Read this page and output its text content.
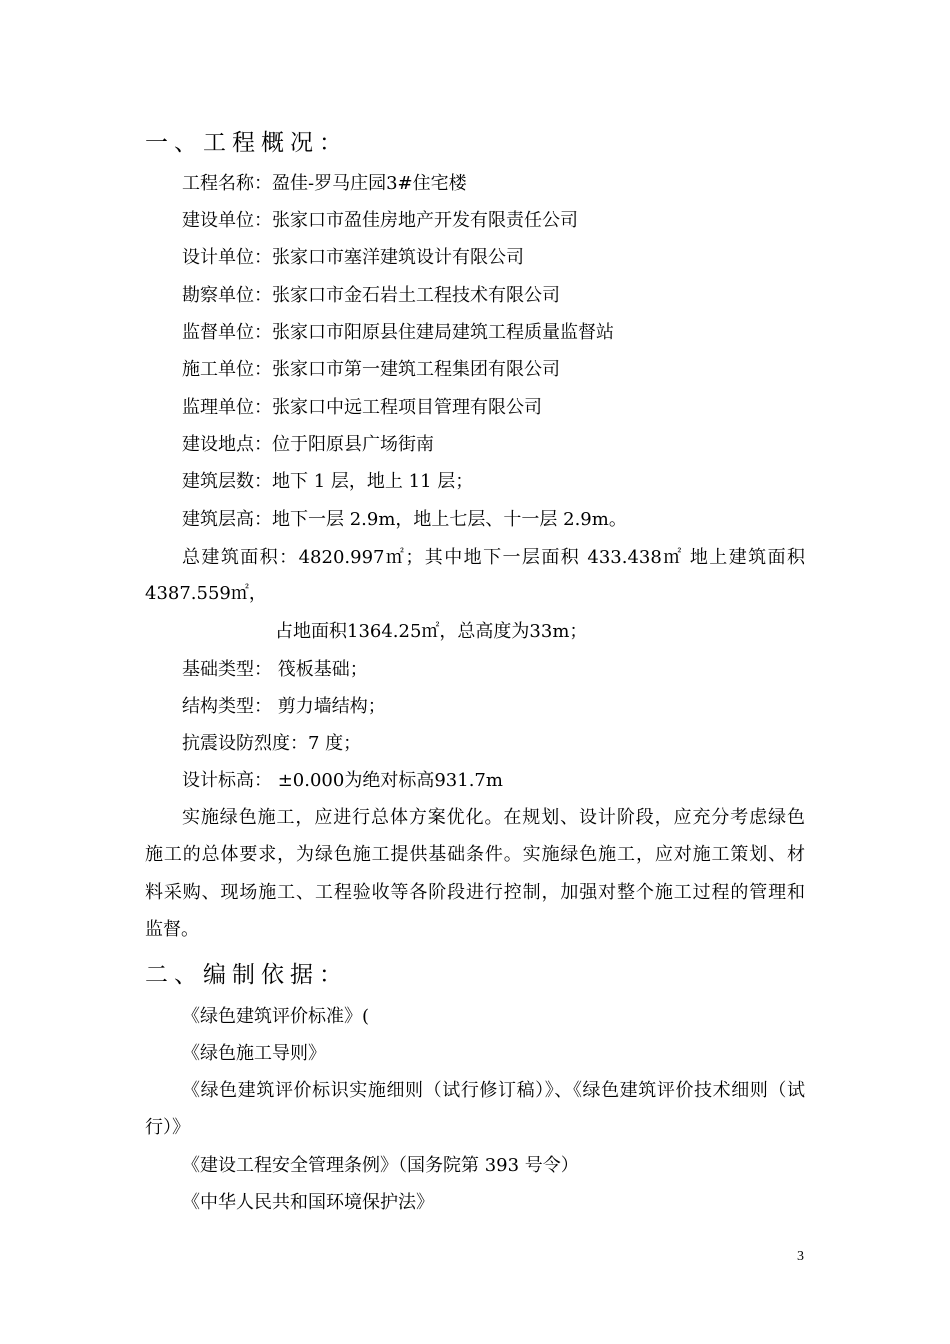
一、工程概况：
工程名称：盈佳-罗马庄园3#住宅楼
建设单位：张家口市盈佳房地产开发有限责任公司
设计单位：张家口市塞洋建筑设计有限公司
勘察单位：张家口市金石岩土工程技术有限公司
监督单位：张家口市阳原县住建局建筑工程质量监督站
施工单位：张家口市第一建筑工程集团有限公司
监理单位：张家口中远工程项目管理有限公司
建设地点：位于阳原县广场街南
建筑层数：地下 1 层，地上 11 层；
建筑层高：地下一层 2.9m，地上七层、十一层 2.9m。
总建筑面积：4820.997㎡；其中地下一层面积 433.438㎡ 地上建筑面积
4387.559㎡，
占地面积1364.25㎡，总高度为33m；
基础类型： 筏板基础；
结构类型： 剪力墙结构；
抗震设防烈度：7 度；
设计标高： ±0.000为绝对标高931.7m
实施绿色施工，应进行总体方案优化。在规划、设计阶段，应充分考虑绿色
施工的总体要求，为绿色施工提供基础条件。实施绿色施工，应对施工策划、材
料采购、现场施工、工程验收等各阶段进行控制，加强对整个施工过程的管理和
监督。
二、编制依据：
《绿色建筑评价标准》(
《绿色施工导则》
《绿色建筑评价标识实施细则（试行修订稿）》、《绿色建筑评价技术细则（试
行）》
《建设工程安全管理条例》（国务院第 393 号令）
《中华人民共和国环境保护法》
3
